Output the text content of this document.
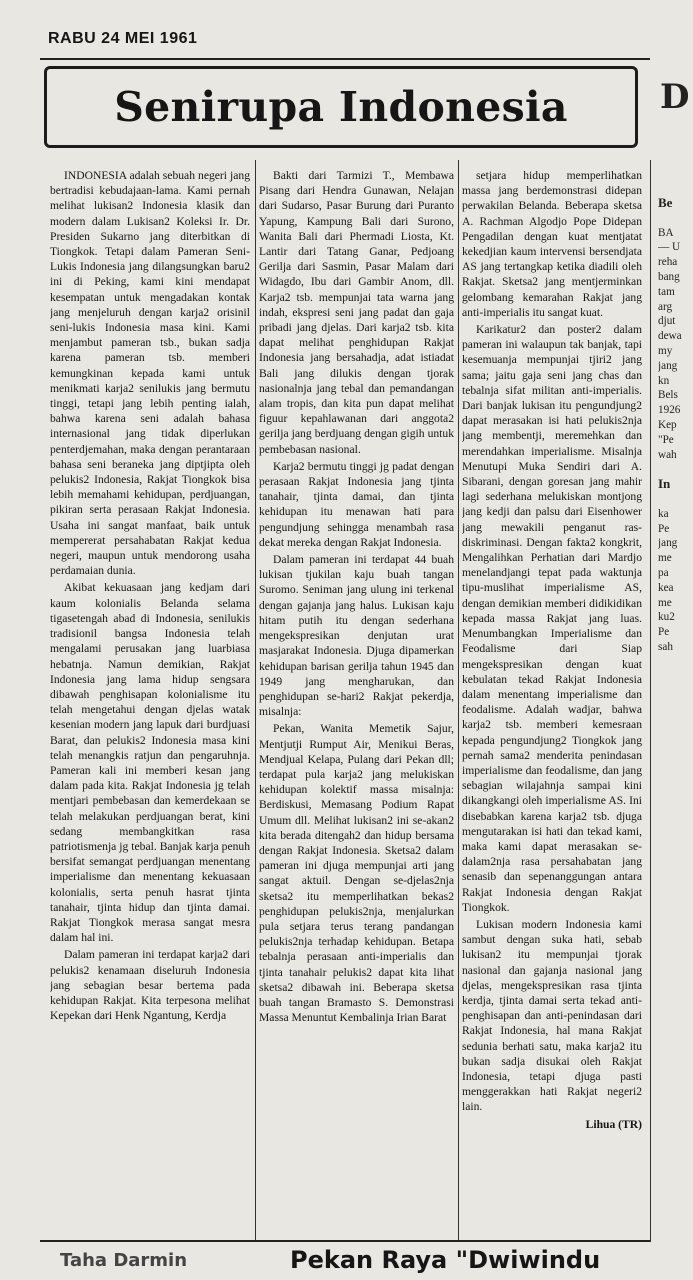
RABU 24 MEI 1961
Senirupa Indonesia

INDONESIA adalah sebuah negeri jang bertradisi kebudajaan-lama. Kami pernah melihat lukisan2 Indonesia klasik dan modern dalam Lukisan2 Koleksi Ir. Dr. Presiden Sukarno jang diterbitkan di Tiongkok. Tetapi dalam Pameran Seni-Lukis Indonesia jang dilangsungkan baru2 ini di Peking, kami kini mendapat kesempatan untuk mengadakan kontak jang menjeluruh dengan karja2 orisinil seni-lukis Indonesia masa kini. Kami menjambut pameran tsb., bukan sadja karena pameran tsb. memberi kemungkinan kepada kami untuk menikmati karja2 senilukis jang bermutu tinggi, tetapi jang lebih penting ialah, bahwa karena seni adalah bahasa internasional jang tidak diperlukan penterdjemahan, maka dengan perantaraan bahasa seni beraneka jang diptjipta oleh pelukis2 Indonesia, Rakjat Tiongkok bisa lebih memahami kehidupan, perdjuangan, pikiran serta perasaan Rakjat Indonesia. Usaha ini sangat manfaat, baik untuk mempererat persahabatan Rakjat kedua negeri, maupun untuk mendorong usaha perdamaian dunia.

Akibat kekuasaan jang kedjam dari kaum kolonialis Belanda selama tigasetengah abad di Indonesia, senilukis tradisionil bangsa Indonesia telah mengalami perusakan jang luarbiasa hebatnja. Namun demikian, Rakjat Indonesia jang lama hidup sengsara dibawah penghisapan kolonialisme itu telah mengetahui dengan djelas watak kesenian modern jang lapuk dari burdjuasi Barat, dan pelukis2 Indonesia masa kini telah menangkis ratjun dan pengaruhnja. Pameran kali ini memberi kesan jang dalam pada kita. Rakjat Indonesia jg telah mentjari pembebasan dan kemerdekaan se telah melakukan perdjuangan berat, kini sedang membangkitkan rasa patriotismenja jg tebal. Banjak karja penuh bersifat semangat perdjuangan menentang imperialisme dan menentang kekuasaan kolonialis, serta penuh hasrat tjinta tanahair, tjinta hidup dan tjinta damai. Rakjat Tiongkok merasa sangat mesra dalam hal ini.

Dalam pameran ini terdapat karja2 dari pelukis2 kenamaan diseluruh Indonesia jang sebagian besar bertema pada kehidupan Rakjat. Kita terpesona melihat Kepekan dari Henk Ngantung, Kerdja

Bakti dari Tarmizi T., Membawa Pisang dari Hendra Gunawan, Nelajan dari Sudarso, Pasar Burung dari Puranto Yapung, Kampung Bali dari Surono, Wanita Bali dari Phermadi Liosta, Kt. Lantir dari Tatang Ganar, Pedjoang Gerilja dari Sasmin, Pasar Malam dari Widagdo, Ibu dari Gambir Anom, dll. Karja2 tsb. mempunjai tata warna jang indah, ekspresi seni jang padat dan gaja pribadi jang djelas. Dari karja2 tsb. kita dapat melihat penghidupan Rakjat Indonesia jang bersahadja, adat istiadat Bali jang dilukis dengan tjorak nasionalnja jang tebal dan pemandangan alam tropis, dan kita pun dapat melihat figuur kepahlawanan dari anggota2 gerilja jang berdjuang dengan gigih untuk pembebasan nasional.

Karja2 bermutu tinggi jg padat dengan perasaan Rakjat Indonesia jang tjinta tanahair, tjinta damai, dan tjinta kehidupan itu menawan hati para pengundjung sehingga menambah rasa dekat mereka dengan Rakjat Indonesia.

Dalam pameran ini terdapat 44 buah lukisan tjukilan kaju buah tangan Suromo. Seniman jang ulung ini terkenal dengan gajanja jang halus. Lukisan kaju hitam putih itu dengan sederhana mengekspresikan denjutan urat masjarakat Indonesia. Djuga dipamerkan kehidupan barisan gerilja tahun 1945 dan 1949 jang mengharukan, dan penghidupan se-hari2 Rakjat pekerdja, misalnja:

Pekan, Wanita Memetik Sajur, Mentjutji Rumput Air, Menikui Beras, Mendjual Kelapa, Pulang dari Pekan dll; terdapat pula karja2 jang melukiskan kehidupan kolektif massa misalnja: Berdiskusi, Memasang Podium Rapat Umum dll. Melihat lukisan2 ini se-akan2 kita berada ditengah2 dan hidup bersama dengan Rakjat Indonesia. Sketsa2 dalam pameran ini djuga mempunjai arti jang sangat aktuil. Dengan se-djelas2nja sketsa2 itu memperlihatkan bekas2 penghidupan pelukis2nja, menjalurkan pula setjara terus terang pandangan pelukis2nja terhadap kehidupan. Betapa tebalnja perasaan anti-imperialis dan tjinta tanahair pelukis2 dapat kita lihat sketsa2 dibawah ini. Beberapa sketsa buah tangan Bramasto S. Demonstrasi Massa Menuntut Kembalinja Irian Barat

setjara hidup memperlihatkan massa jang berdemonstrasi didepan perwakilan Belanda. Beberapa sketsa A. Rachman Algodjo Pope Didepan Pengadilan dengan kuat mentjatat kekedjian kaum intervensi bersendjata AS jang tertangkap ketika diadili oleh Rakjat. Sketsa2 jang mentjerminkan gelombang kemarahan Rakjat jang anti-imperialis itu sangat kuat.

Karikatur2 dan poster2 dalam pameran ini walaupun tak banjak, tapi kesemuanja mempunjai tjiri2 jang sama; jaitu gaja seni jang chas dan tebalnja sifat militan anti-imperialis. Dari banjak lukisan itu pengundjung2 dapat merasakan isi hati pelukis2nja jang membentji, meremehkan dan merendahkan imperialisme. Misalnja Menutupi Muka Sendiri dari A. Sibarani, dengan goresan jang mahir lagi sederhana melukiskan montjong jang kedji dan palsu dari Eisenhower jang mewakili penganut ras-diskriminasi. Dengan fakta2 kongkrit, Mengalihkan Perhatian dari Mardjo menelandjangi tepat pada waktunja tipu-muslihat imperialisme AS, dengan demikian memberi didikidikan kepada massa Rakjat jang luas. Menumbangkan Imperialisme dan Feodalisme dari Siap mengekspresikan dengan kuat kebulatan tekad Rakjat Indonesia dalam menentang imperialisme dan feodalisme. Adalah wadjar, bahwa karja2 tsb. memberi kemesraan kepada pengundjung2 Tiongkok jang pernah sama2 menderita penindasan imperialisme dan feodalisme, dan jang sebagian wilajahnja sampai kini dikangkangi oleh imperialisme AS. Ini disebabkan karena karja2 tsb. djuga mengutarakan isi hati dan tekad kami, maka kami dapat merasakan se-dalam2nja rasa persahabatan jang senasib dan sepenanggungan antara Rakjat Indonesia dengan Rakjat Tiongkok.

Lukisan modern Indonesia kami sambut dengan suka hati, sebab lukisan2 itu mempunjai tjorak nasional dan gajanja nasional jang djelas, mengekspresikan rasa tjinta kerdja, tjinta damai serta tekad anti-penghisapan dan anti-penindasan dari Rakjat Indonesia, hal mana Rakjat sedunia berhati satu, maka karja2 itu bukan sadja disukai oleh Rakjat Indonesia, tetapi djuga pasti menggerakkan hati Rakjat negeri2 lain.

Lihua (TR)
Taha Darmin	Pekan Raya "Dwiwindu
D
Be

BA
— U
reha
bang
tam
arg
djut
dewa
my
jang
kn
Bels
1926
Kep
"Pe
wah

In

ka
Pe
jang
me
pa
kea
me
ku2
Pe
sah
